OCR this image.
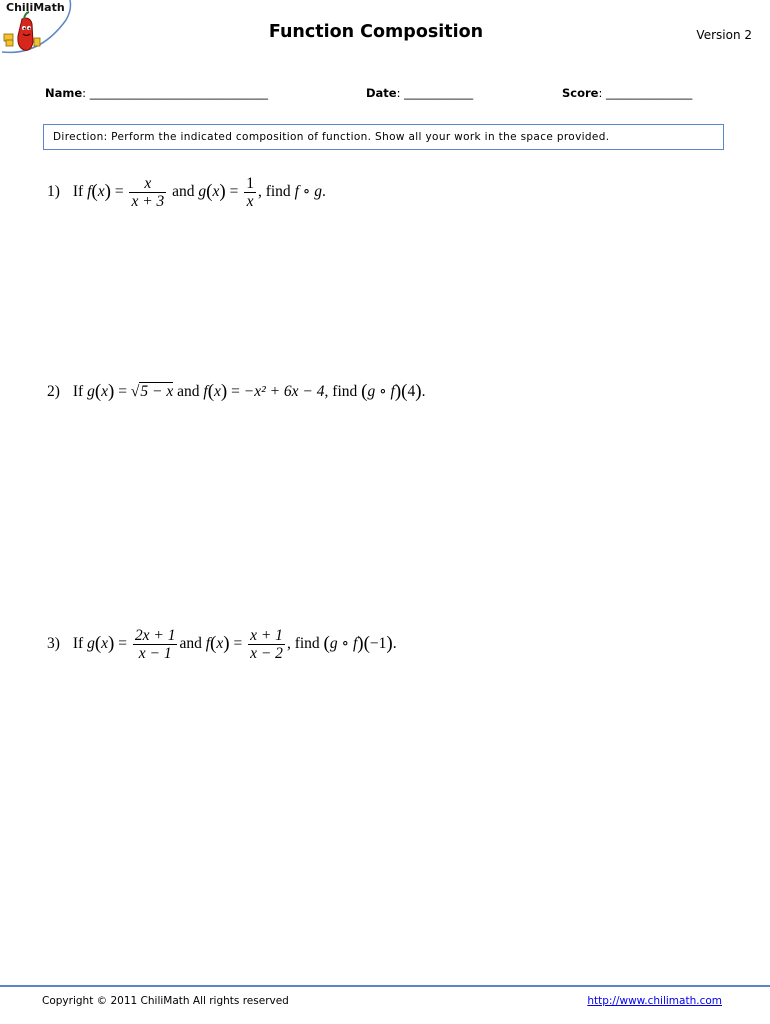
ChiliMath
Function Composition	Version 2
Name: _______________________________	Date: ____________	Score: _______________
Direction: Perform the indicated composition of function. Show all your work in the space provided.
1) If $f(x) = \frac{x}{x + 3}$ and $g(x) = \frac{1}{x}$ , find f ∘ g.
2) If g(x) = √5 − x and f(x) = −x² + 6x − 4, find (g ∘ f)(4).
3) If $g(x) = \frac{2x + 1}{x - 1}$ and $f(x) = \frac{x + 1}{x - 2}$ , find (g ∘ f)(−1).
Copyright © 2011 ChiliMath All rights reserved	http://www.chilimath.com
